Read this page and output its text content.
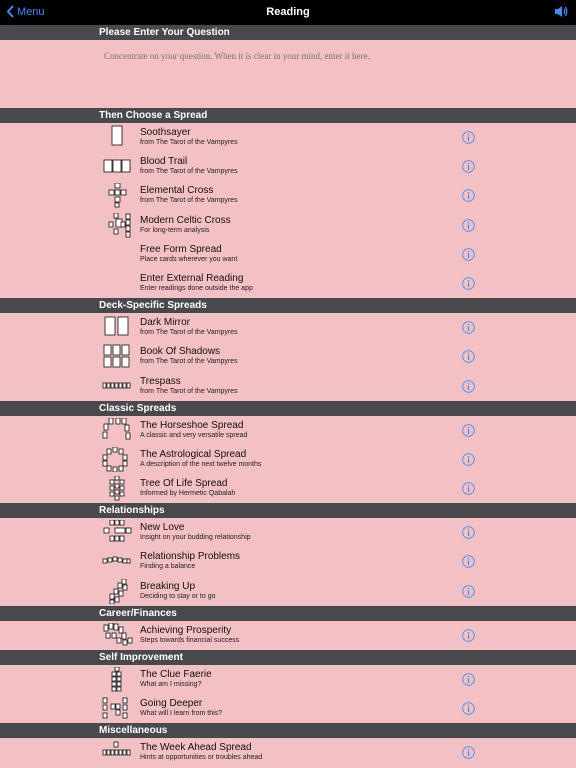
Menu	Reading
Please Enter Your Question
Concentrate on your question. When it is clear in your mind, enter it here.
Then Choose a Spread
Soothsayer
from The Tarot of the Vampyres
Blood Trail
from The Tarot of the Vampyres
Elemental Cross
from The Tarot of the Vampyres
Modern Celtic Cross
For long-term analysis
Free Form Spread
Place cards wherever you want
Enter External Reading
Enter readings done outside the app
Deck-Specific Spreads
Dark Mirror
from The Tarot of the Vampyres
Book Of Shadows
from The Tarot of the Vampyres
Trespass
from The Tarot of the Vampyres
Classic Spreads
The Horseshoe Spread
A classic and very versatile spread
The Astrological Spread
A description of the next twelve months
Tree Of Life Spread
Informed by Hermetic Qabalah
Relationships
New Love
Insight on your budding relationship
Relationship Problems
Finding a balance
Breaking Up
Deciding to stay or to go
Career/Finances
Achieving Prosperity
Steps towards financial success
Self Improvement
The Clue Faerie
What am I missing?
Going Deeper
What will I learn from this?
Miscellaneous
The Week Ahead Spread
Hints at opportunities or troubles ahead
